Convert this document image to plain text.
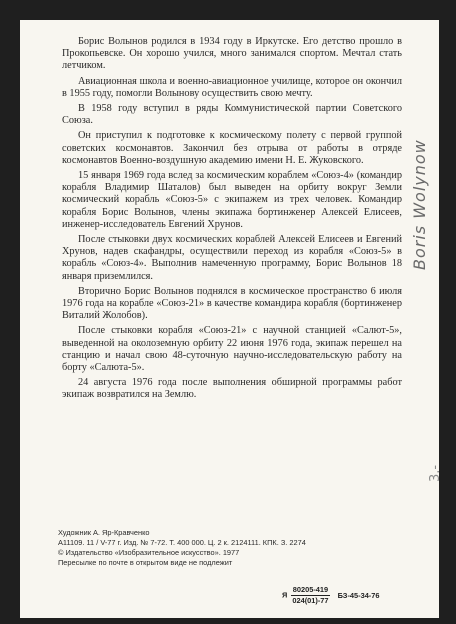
Борис Волынов родился в 1934 году в Иркутске. Его детство прошло в Прокопьевске. Он хорошо учился, много занимался спортом. Мечтал стать летчиком.

Авиационная школа и военно-авиационное училище, которое он окончил в 1955 году, помогли Волынову осуществить свою мечту.

В 1958 году вступил в ряды Коммунистической партии Советского Союза.

Он приступил к подготовке к космическому полету с первой группой советских космонавтов. Закончил без отрыва от работы в отряде космонавтов Военно-воздушную академию имени Н. Е. Жуковского.

15 января 1969 года вслед за космическим кораблем «Союз-4» (командир корабля Владимир Шаталов) был выведен на орбиту вокруг Земли космический корабль «Союз-5» с экипажем из трех человек. Командир корабля Борис Волынов, члены экипажа бортинженер Алексей Елисеев, инженер-исследователь Евгений Хрунов.

После стыковки двух космических кораблей Алексей Елисеев и Евгений Хрунов, надев скафандры, осуществили переход из корабля «Союз-5» в корабль «Союз-4». Выполнив намеченную программу, Борис Волынов 18 января приземлился.

Вторично Борис Волынов поднялся в космическое пространство 6 июля 1976 года на корабле «Союз-21» в качестве командира корабля (бортинженер Виталий Жолобов).

После стыковки корабля «Союз-21» с научной станцией «Салют-5», выведенной на околоземную орбиту 22 июня 1976 года, экипаж перешел на станцию и начал свою 48-суточную научно-исследовательскую работу на борту «Салюта-5».

24 августа 1976 года после выполнения обширной программы работ экипаж возвратился на Землю.

Художник А. Яр-Кравченко
А11109. 11 / V-77 г. Изд. № 7-72. Т. 400 000. Ц. 2 к. 2124111. КПК. З. 2274
© Издательство «Изобразительное искусство». 1977
Пересылке по почте в открытом виде не подлежит
Я $\frac{80205-419}{024(01)-77} БЗ-45-34-76$
Boris Wolynow
3.-
